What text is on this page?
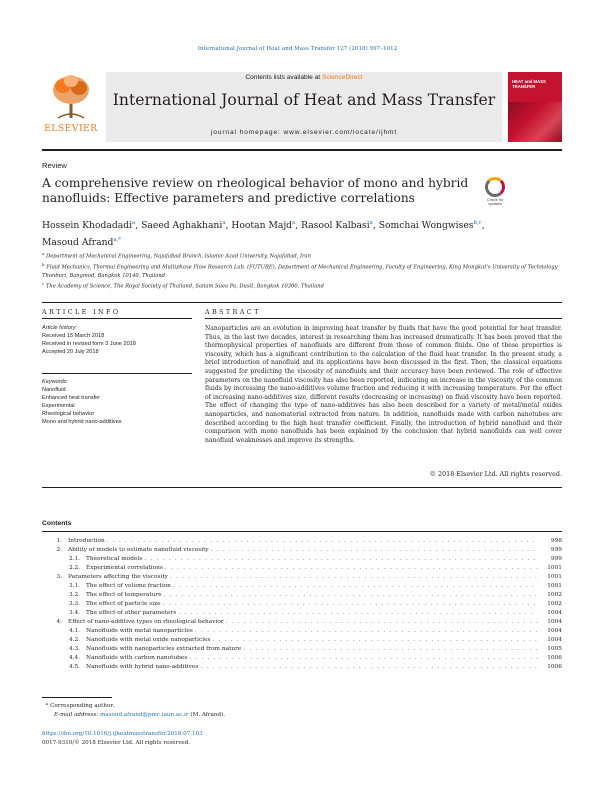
International Journal of Heat and Mass Transfer 127 (2018) 997–1012
ELSEVIER
Contents lists available at ScienceDirect
International Journal of Heat and Mass Transfer
journal homepage: www.elsevier.com/locate/ijhmt
HEAT and MASS TRANSFER
Review
A comprehensive review on rheological behavior of mono and hybrid nanofluids: Effective parameters and predictive correlations	Check for updates
Hossein Khodadadi$^a$, Saeed Aghakhani$^a$, Hootan Majd$^a$, Rasool Kalbasi$^a$, Somchai Wongwises$^{b,c}$,
Masoud Afrand$^{a,*}$
$^a$ Department of Mechanical Engineering, Najafabad Branch, Islamic Azad University, Najafabad, Iran
$^b$ Fluid Mechanics, Thermal Engineering and Multiphase Flow Research Lab. (FUTURE), Department of Mechanical Engineering, Faculty of Engineering, King Mongkut's University of Technology Thonburi, Bangmod, Bangkok 10140, Thailand
$^c$ The Academy of Science, The Royal Society of Thailand, Sanam Suea Pa, Dusit, Bangkok 10300, Thailand
ARTICLE INFO	ABSTRACT
Article history:
Received 15 March 2018
Received in revised form 3 June 2018
Accepted 20 July 2018
Keywords:
Nanofluid
Enhanced heat transfer
Experimental
Rheological behavior
Mono and hybrid nano-additives
Nanoparticles are an evolution in improving heat transfer by fluids that have the good potential for heat transfer. Thus, in the last two decades, interest in researching them has increased dramatically. It has been proved that the thermophysical properties of nanofluids are different from those of common fluids. One of these properties is viscosity, which has a significant contribution to the calculation of the fluid heat transfer. In the present study, a brief introduction of nanofluid and its applications have been discussed in the first. Then, the classical equations suggested for predicting the viscosity of nanofluids and their accuracy have been reviewed. The role of effective parameters on the nanofluid viscosity has also been reported, indicating an increase in the viscosity of the common fluids by increasing the nano-additives volume fraction and reducing it with increasing temperature. For the effect of increasing nano-additives size, different results (decreasing or increasing) on fluid viscosity have been reported. The effect of changing the type of nano-additives has also been described for a variety of metal/metal oxides nanoparticles, and nanomaterial extracted from nature. In addition, nanofluids made with carbon nanotubes are described according to the high heat transfer coefficient. Finally, the introduction of hybrid nanofluid and their comparison with mono nanofluids has been explained by the conclusion that hybrid nanofluids can well cover nanofluid weaknesses and improve its strengths.
© 2018 Elsevier Ltd. All rights reserved.
Contents
1.	Introduction . . .	998
2.	Ability of models to estimate nanofluid viscosity . . .	999
2.1.	Theoretical models . . .	999
2.2.	Experimental correlations . . .	1001
3.	Parameters affecting the viscosity . . .	1001
3.1.	The effect of volume fraction . . .	1001
3.2.	The effect of temperature . . .	1002
3.3.	The effect of particle size . . .	1002
3.4.	The effect of other parameters . . .	1004
4.	Effect of nano-additive types on rheological behavior . . .	1004
4.1.	Nanofluids with metal nanoparticles . . .	1004
4.2.	Nanofluids with metal oxide nanoparticles . . .	1004
4.3.	Nanofluids with nanoparticles extracted from nature . . .	1005
4.4.	Nanofluids with carbon nanotubes . . .	1006
4.5.	Nanofluids with hybrid nano-additives . . .	1006
* Corresponding author.
E-mail address: masoud.afrand@pmc.iaun.ac.ir (M. Afrand).
https://doi.org/10.1016/j.ijheatmasstransfer.2018.07.103
0017-9310/© 2018 Elsevier Ltd. All rights reserved.
